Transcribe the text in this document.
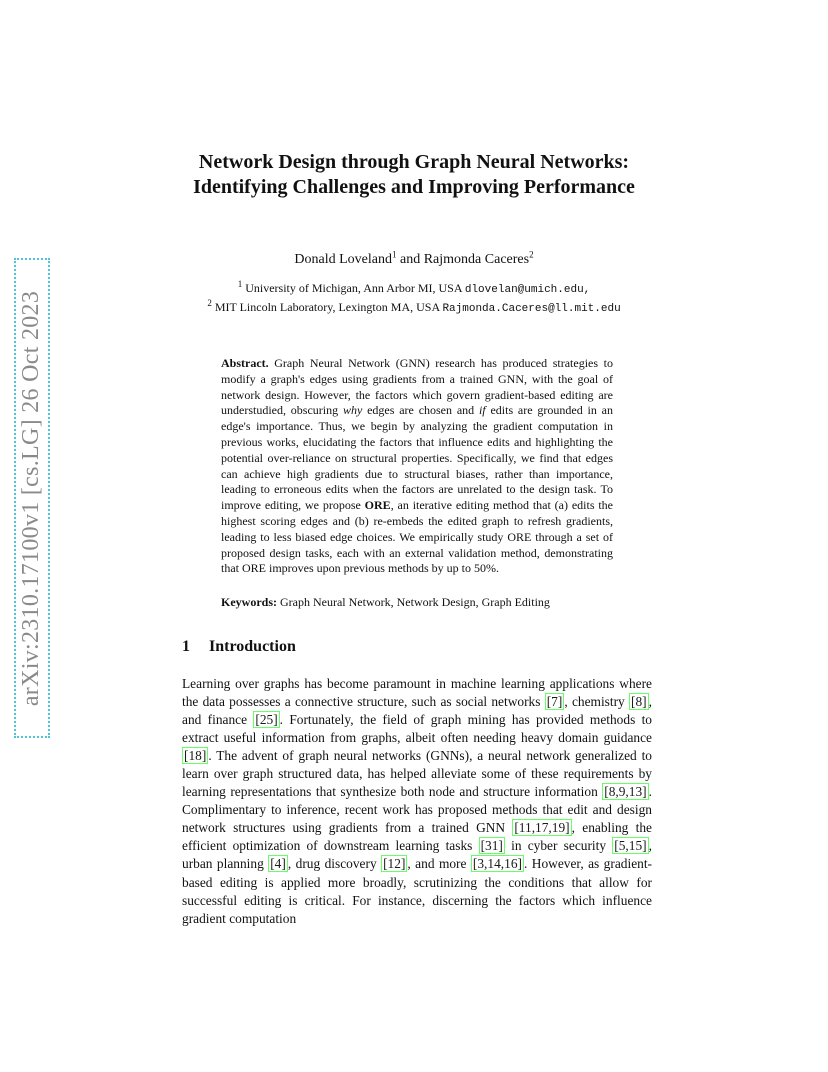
arXiv:2310.17100v1 [cs.LG] 26 Oct 2023
Network Design through Graph Neural Networks: Identifying Challenges and Improving Performance
Donald Loveland$^1$ and Rajmonda Caceres$^2$
$^1$ University of Michigan, Ann Arbor MI, USA dlovelan@umich.edu,
$^2$ MIT Lincoln Laboratory, Lexington MA, USA Rajmonda.Caceres@ll.mit.edu
Abstract. Graph Neural Network (GNN) research has produced strategies to modify a graph's edges using gradients from a trained GNN, with the goal of network design. However, the factors which govern gradient-based editing are understudied, obscuring why edges are chosen and if edits are grounded in an edge's importance. Thus, we begin by analyzing the gradient computation in previous works, elucidating the factors that influence edits and highlighting the potential over-reliance on structural properties. Specifically, we find that edges can achieve high gradients due to structural biases, rather than importance, leading to erroneous edits when the factors are unrelated to the design task. To improve editing, we propose ORE, an iterative editing method that (a) edits the highest scoring edges and (b) re-embeds the edited graph to refresh gradients, leading to less biased edge choices. We empirically study ORE through a set of proposed design tasks, each with an external validation method, demonstrating that ORE improves upon previous methods by up to 50%.
Keywords: Graph Neural Network, Network Design, Graph Editing
1 Introduction
Learning over graphs has become paramount in machine learning applications where the data possesses a connective structure, such as social networks [7] , chemistry [8] , and finance [25] . Fortunately, the field of graph mining has provided methods to extract useful information from graphs, albeit often needing heavy domain guidance [18] . The advent of graph neural networks (GNNs), a neural network generalized to learn over graph structured data, has helped alleviate some of these requirements by learning representations that synthesize both node and structure information [8,9,13] . Complimentary to inference, recent work has proposed methods that edit and design network structures using gradients from a trained GNN [11,17,19] , enabling the efficient optimization of downstream learning tasks [31] in cyber security [5,15] , urban planning [4] , drug discovery [12] , and more [3,14,16] . However, as gradient-based editing is applied more broadly, scrutinizing the conditions that allow for successful editing is critical. For instance, discerning the factors which influence gradient computation
